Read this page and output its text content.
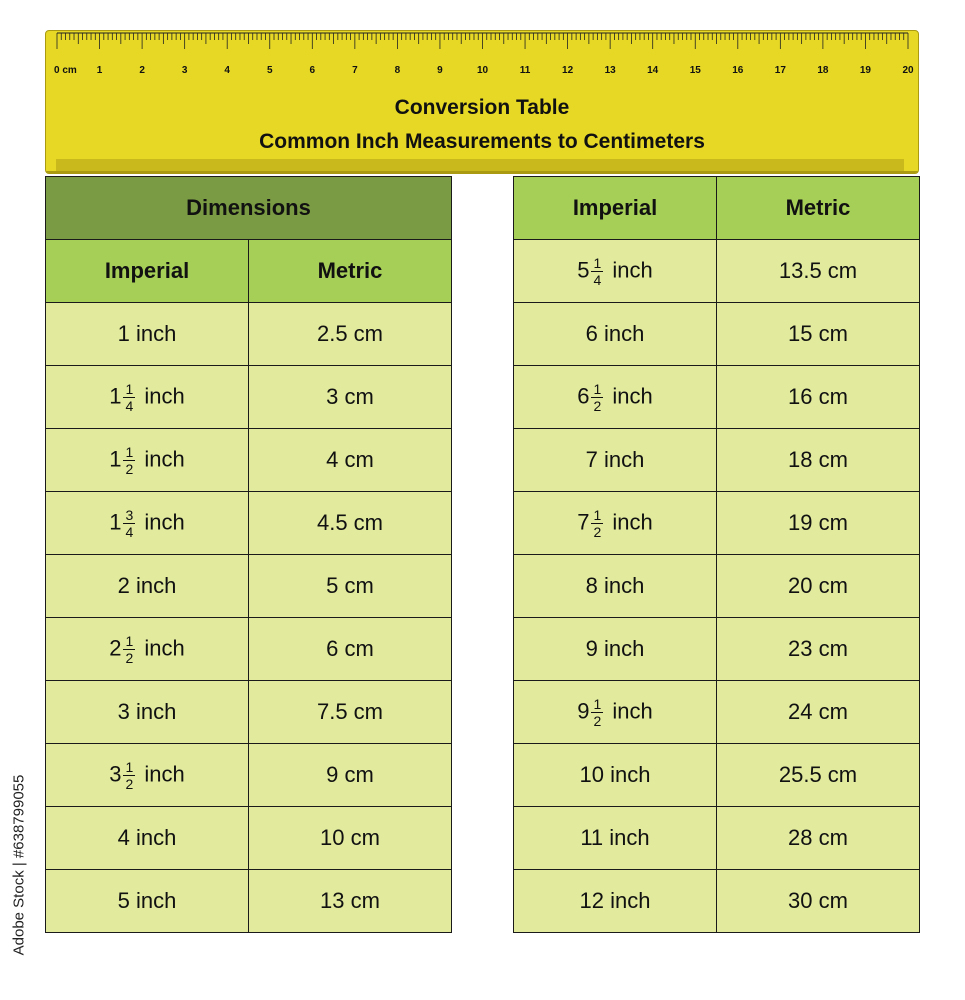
0 cm 1	2	3	4	5	6	7	8	9	10	11	12	13	14	15	16	17	18	19	20
Conversion Table
Common Inch Measurements to Centimeters
Dimensions	
Imperial	Metric
1 inch	2.5 cm
$1 \frac{1}{4}$ inch	3 cm
$1 \frac{1}{2}$ inch	4 cm
$1 \frac{3}{4}$ inch	4.5 cm
2 inch	5 cm
$2 \frac{1}{2}$ inch	6 cm
3 inch	7.5 cm
$3 \frac{1}{2}$ inch	9 cm
4 inch	10 cm
5 inch	13 cm
Imperial	Metric
$5 \frac{1}{4}$ inch	13.5 cm
6 inch	15 cm
$6 \frac{1}{2}$ inch	16 cm
7 inch	18 cm
$7 \frac{1}{2}$ inch	19 cm
8 inch	20 cm
9 inch	23 cm
$9 \frac{1}{2}$ inch	24 cm
10 inch	25.5 cm
11 inch	28 cm
12 inch	30 cm
Adobe Stock | #638799055
